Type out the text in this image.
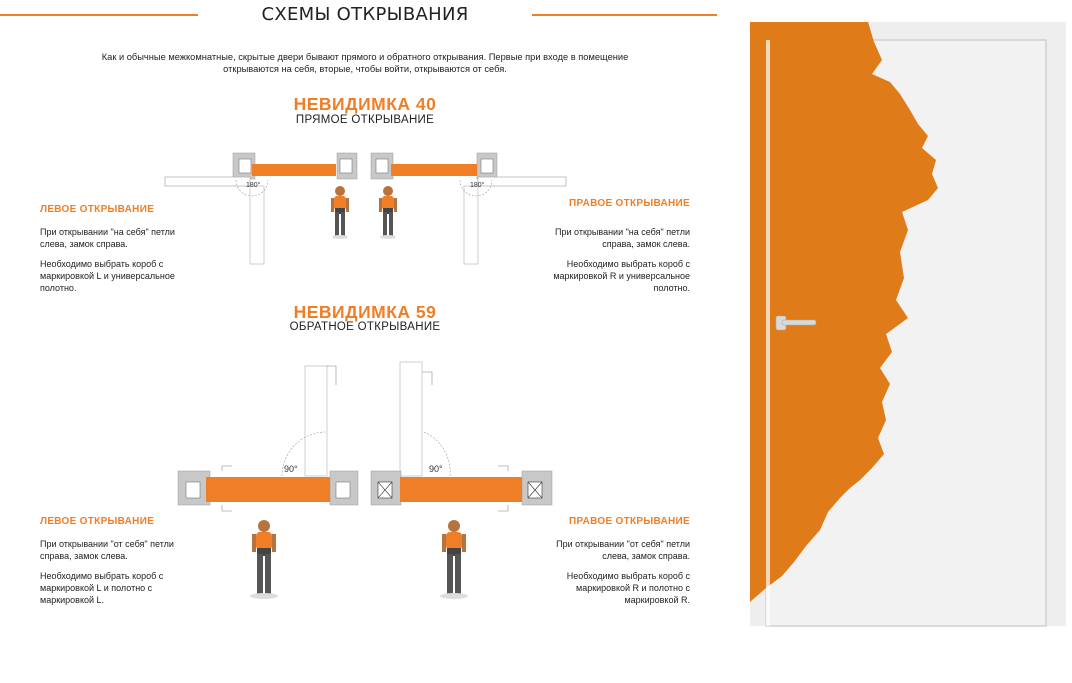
СХЕМЫ ОТКРЫВАНИЯ
Как и обычные межкомнатные, скрытые двери бывают прямого и обратного открывания. Первые при входе в помещение
открываются на себя, вторые, чтобы войти, открываются от себя.
НЕВИДИМКА 40
ПРЯМОЕ ОТКРЫВАНИЕ
180°	180°
ЛЕВОЕ ОТКРЫВАНИЕ

При открывании "на себя" петли слева, замок справа.

Необходимо выбрать короб с маркировкой L и универсальное полотно.

ПРАВОЕ ОТКРЫВАНИЕ

При открывании "на себя" петли справа, замок слева.

Необходимо выбрать короб с маркировкой R и универсальное полотно.

НЕВИДИМКА 59
ОБРАТНОЕ ОТКРЫВАНИЕ
90°	90°
ЛЕВОЕ ОТКРЫВАНИЕ

При открывании "от себя" петли справа, замок слева.

Необходимо выбрать короб с маркировкой L и полотно с маркировкой L.

ПРАВОЕ ОТКРЫВАНИЕ

При открывании "от себя" петли слева, замок справа.

Необходимо выбрать короб с маркировкой R и полотно с маркировкой R.
